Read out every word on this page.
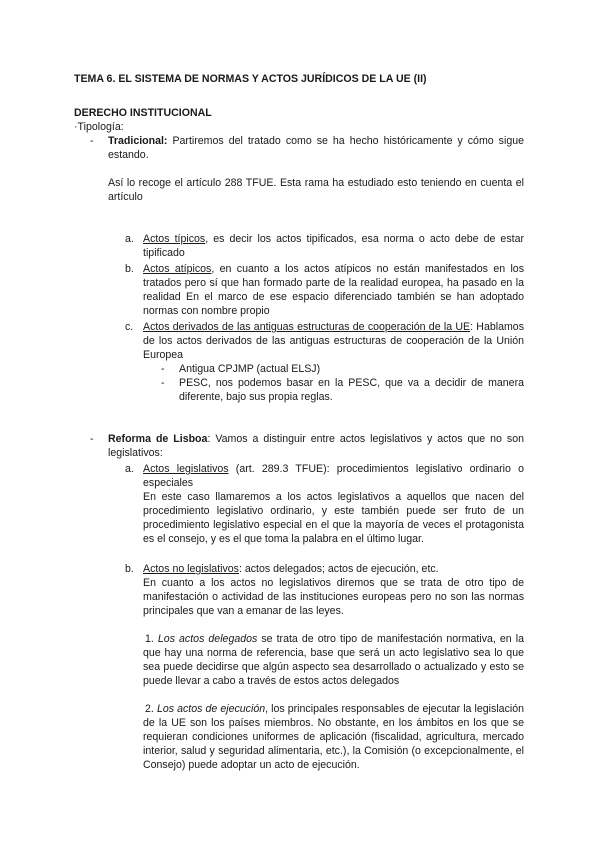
TEMA 6. EL SISTEMA DE NORMAS Y ACTOS JURÍDICOS DE LA UE (II)

DERECHO INSTITUCIONAL

·Tipología:

-	Tradicional: Partiremos del tratado como se ha hecho históricamente y cómo sigue estando.

Así lo recoge el artículo 288 TFUE. Esta rama ha estudiado esto teniendo en cuenta el artículo

a. Actos típicos, es decir los actos tipificados, esa norma o acto debe de estar tipificado

b. Actos atípicos, en cuanto a los actos atípicos no están manifestados en los tratados pero sí que han formado parte de la realidad europea, ha pasado en la realidad En el marco de ese espacio diferenciado también se han adoptado normas con nombre propio

c. Actos derivados de las antiguas estructuras de cooperación de la UE: Hablamos de los actos derivados de las antiguas estructuras de cooperación de la Unión Europea

-	Antigua CPJMP (actual ELSJ)

-	PESC, nos podemos basar en la PESC, que va a decidir de manera diferente, bajo sus propia reglas.

-	Reforma de Lisboa: Vamos a distinguir entre actos legislativos y actos que no son legislativos:

a. Actos legislativos (art. 289.3 TFUE): procedimientos legislativo ordinario o especiales

En este caso llamaremos a los actos legislativos a aquellos que nacen del procedimiento legislativo ordinario, y este también puede ser fruto de un procedimiento legislativo especial en el que la mayoría de veces el protagonista es el consejo, y es el que toma la palabra en el último lugar.

b. Actos no legislativos: actos delegados; actos de ejecución, etc.

En cuanto a los actos no legislativos diremos que se trata de otro tipo de manifestación o actividad de las instituciones europeas pero no son las normas principales que van a emanar de las leyes.

1. Los actos delegados se trata de otro tipo de manifestación normativa, en la que hay una norma de referencia, base que será un acto legislativo sea lo que sea puede decidirse que algún aspecto sea desarrollado o actualizado y esto se puede llevar a cabo a través de estos actos delegados

2. Los actos de ejecución, los principales responsables de ejecutar la legislación de la UE son los países miembros. No obstante, en los ámbitos en los que se requieran condiciones uniformes de aplicación (fiscalidad, agricultura, mercado interior, salud y seguridad alimentaria, etc.), la Comisión (o excepcionalmente, el Consejo) puede adoptar un acto de ejecución.
